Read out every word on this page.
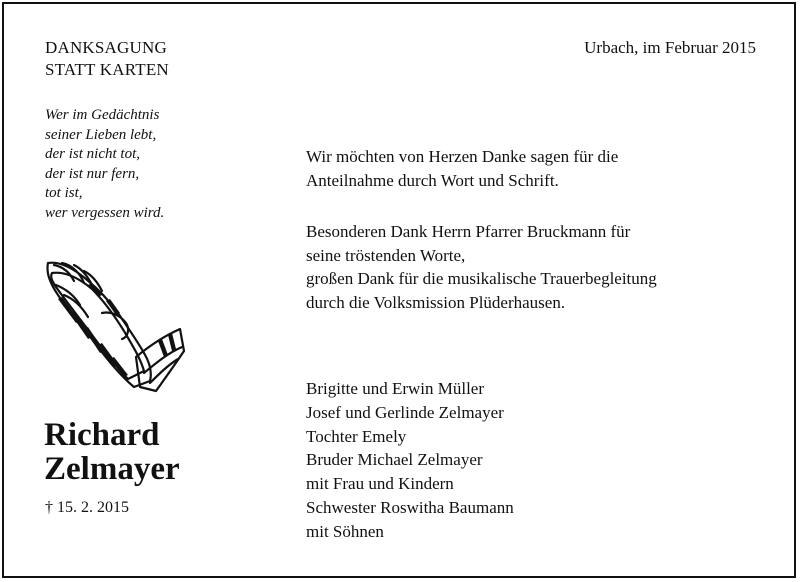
DANKSAGUNG
STATT KARTEN
Urbach, im Februar 2015
Wer im Gedächtnis
seiner Lieben lebt,
der ist nicht tot,
der ist nur fern,
tot ist,
wer vergessen wird.
Richard
Zelmayer
† 15. 2. 2015
Wir möchten von Herzen Danke sagen für die
Anteilnahme durch Wort und Schrift.
Besonderen Dank Herrn Pfarrer Bruckmann für
seine tröstenden Worte,
großen Dank für die musikalische Trauerbegleitung
durch die Volksmission Plüderhausen.
Brigitte und Erwin Müller
Josef und Gerlinde Zelmayer
Tochter Emely
Bruder Michael Zelmayer
mit Frau und Kindern
Schwester Roswitha Baumann
mit Söhnen
